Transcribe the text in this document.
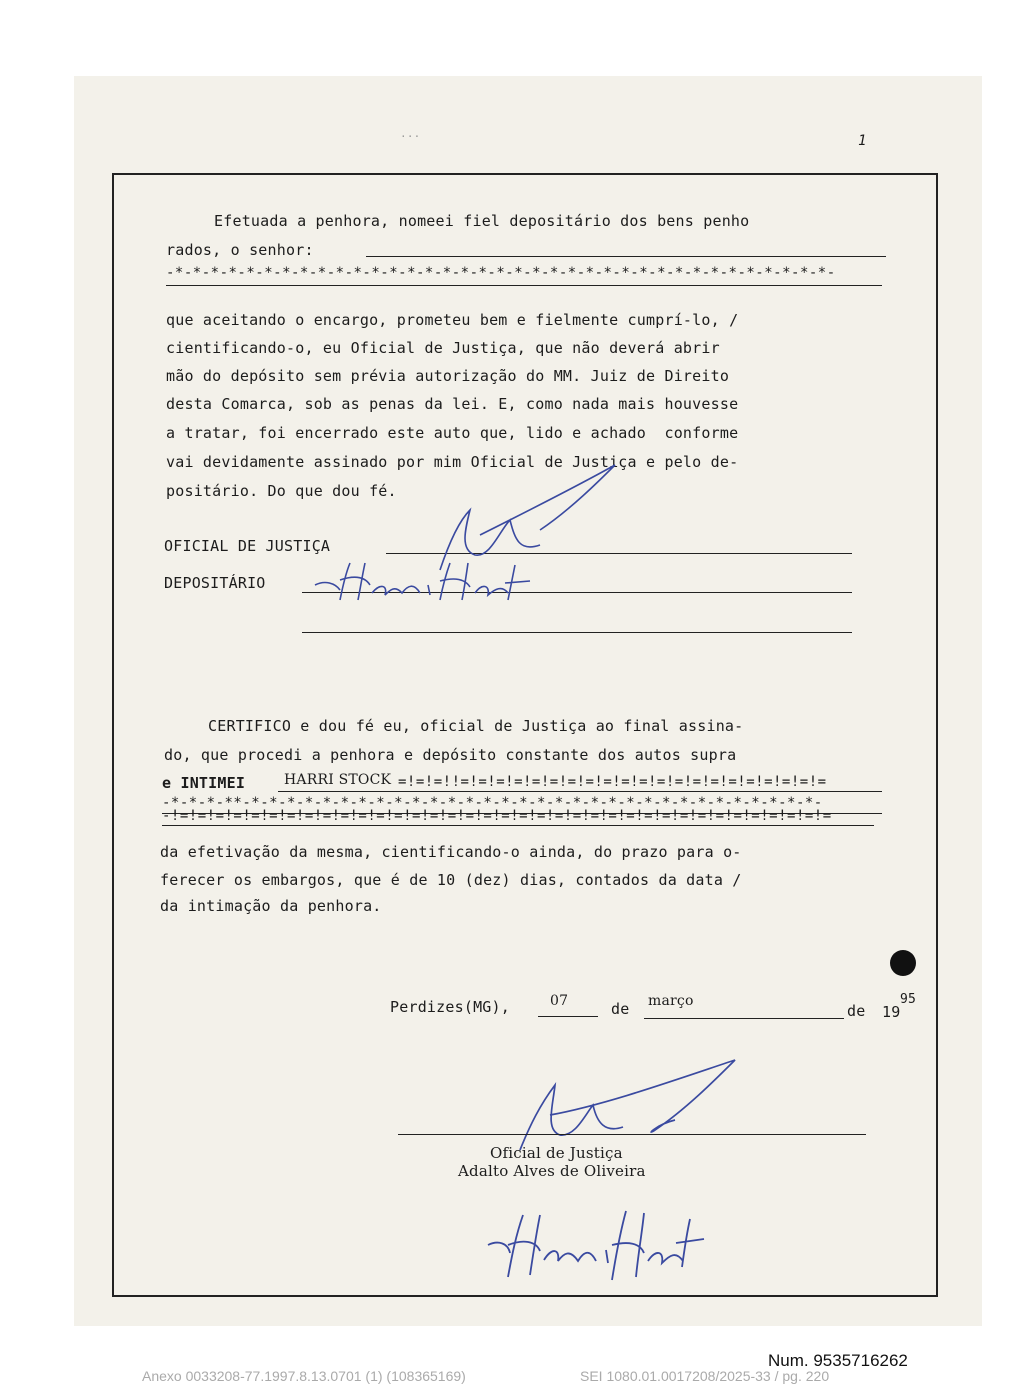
...	1
Efetuada a penhora, nomeei fiel depositário dos bens penho
rados, o senhor:
-*-*-*-*-*-*-*-*-*-*-*-*-*-*-*-*-*-*-*-*-*-*-*-*-*-*-*-*-*-*-*-*-*-*-*-*-*-
que aceitando o encargo, prometeu bem e fielmente cumprí-lo, /
cientificando-o, eu Oficial de Justiça, que não deverá abrir
mão do depósito sem prévia autorização do MM. Juiz de Direito
desta Comarca, sob as penas da lei. E, como nada mais houvesse
a tratar, foi encerrado este auto que, lido e achado  conforme
vai devidamente assinado por mim Oficial de Justiça e pelo de-
positário. Do que dou fé.
OFICIAL DE JUSTIÇA
DEPOSITÁRIO
CERTIFICO e dou fé eu, oficial de Justiça ao final assina-
do, que procedi a penhora e depósito constante dos autos supra
e INTIMEI	HARRI STOCK =!=!=!!=!=!=!=!=!=!=!=!=!=!=!=!=!=!=!=!=!=!=!=!=
-*-*-*-**-*-*-*-*-*-*-*-*-*-*-*-*-*-*-*-*-*-*-*-*-*-*-*-*-*-*-*-*-*-*-*-*-
-!=!=!=!=!=!=!=!=!=!=!=!=!=!=!=!=!=!=!=!=!=!=!=!=!=!=!=!=!=!=!=!=!=!=!=!=!=
da efetivação da mesma, cientificando-o ainda, do prazo para o-
ferecer os embargos, que é de 10 (dez) dias, contados da data /
da intimação da penhora.
Perdizes(MG),	07	de março
de 19
95
Oficial de Justiça
Adalto Alves de Oliveira
Num. 9535716262
Anexo 0033208-77.1997.8.13.0701 (1) (108365169)	SEI 1080.01.0017208/2025-33 / pg. 220
